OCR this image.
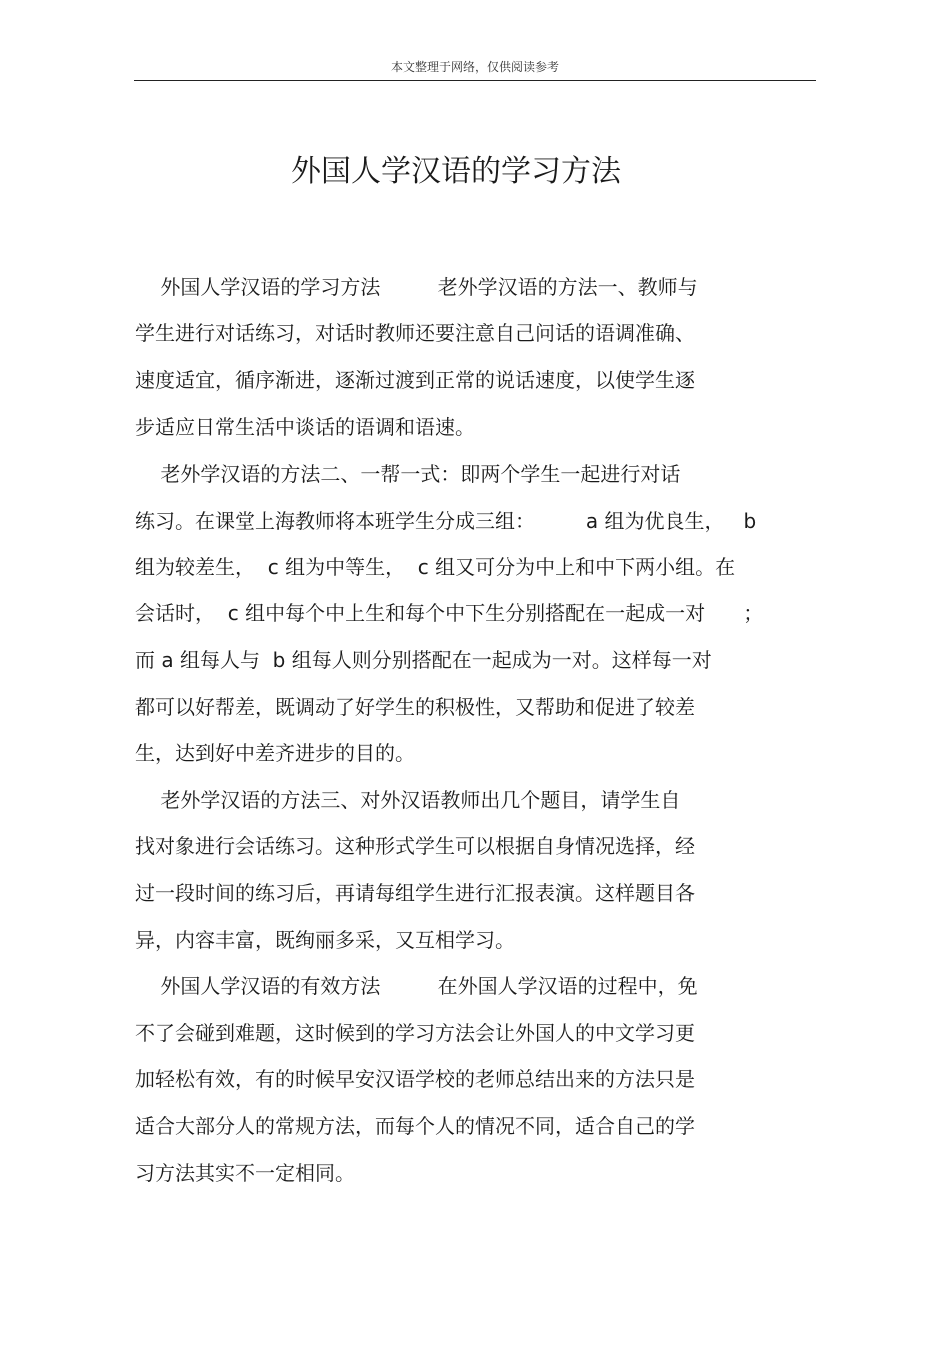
本文整理于网络，仅供阅读参考
外国人学汉语的学习方法
外国人学汉语的学习方法         老外学汉语的方法一、教师与
学生进行对话练习，对话时教师还要注意自己问话的语调准确、
速度适宜，循序渐进，逐渐过渡到正常的说话速度，以使学生逐
步适应日常生活中谈话的语调和语速。
老外学汉语的方法二、一帮一式：即两个学生一起进行对话
练习。在课堂上海教师将本班学生分成三组：        a 组为优良生，   b
组为较差生，  c 组为中等生，  c 组又可分为中上和中下两小组。在
会话时，  c 组中每个中上生和每个中下生分别搭配在一起成一对      ；
而 a 组每人与  b 组每人则分别搭配在一起成为一对。这样每一对
都可以好帮差，既调动了好学生的积极性，又帮助和促进了较差
生，达到好中差齐进步的目的。
老外学汉语的方法三、对外汉语教师出几个题目，请学生自
找对象进行会话练习。这种形式学生可以根据自身情况选择，经
过一段时间的练习后，再请每组学生进行汇报表演。这样题目各
异，内容丰富，既绚丽多采，又互相学习。
外国人学汉语的有效方法         在外国人学汉语的过程中，免
不了会碰到难题，这时候到的学习方法会让外国人的中文学习更
加轻松有效，有的时候早安汉语学校的老师总结出来的方法只是
适合大部分人的常规方法，而每个人的情况不同，适合自己的学
习方法其实不一定相同。
